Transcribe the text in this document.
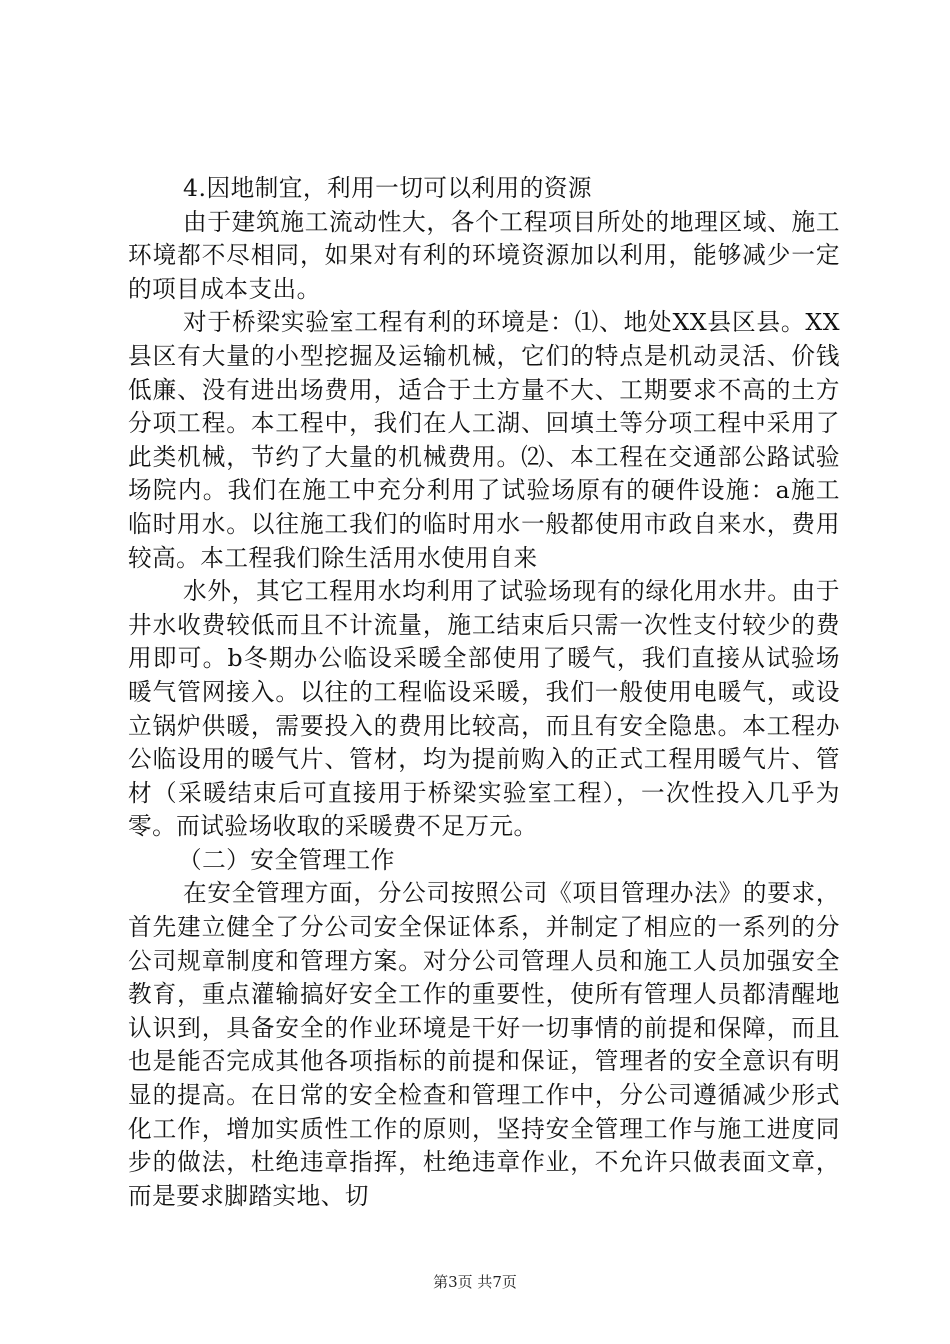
4.因地制宜，利用一切可以利用的资源

由于建筑施工流动性大，各个工程项目所处的地理区域、施工环境都不尽相同，如果对有利的环境资源加以利用，能够减少一定的项目成本支出。

对于桥梁实验室工程有利的环境是：⑴、地处XX县区县。XX县区有大量的小型挖掘及运输机械，它们的特点是机动灵活、价钱低廉、没有进出场费用，适合于土方量不大、工期要求不高的土方分项工程。本工程中，我们在人工湖、回填土等分项工程中采用了此类机械，节约了大量的机械费用。⑵、本工程在交通部公路试验场院内。我们在施工中充分利用了试验场原有的硬件设施：a施工临时用水。以往施工我们的临时用水一般都使用市政自来水，费用较高。本工程我们除生活用水使用自来

水外，其它工程用水均利用了试验场现有的绿化用水井。由于井水收费较低而且不计流量，施工结束后只需一次性支付较少的费用即可。b冬期办公临设采暖全部使用了暖气，我们直接从试验场暖气管网接入。以往的工程临设采暖，我们一般使用电暖气，或设立锅炉供暖，需要投入的费用比较高，而且有安全隐患。本工程办公临设用的暖气片、管材，均为提前购入的正式工程用暖气片、管材（采暖结束后可直接用于桥梁实验室工程），一次性投入几乎为零。而试验场收取的采暖费不足万元。

（二）安全管理工作

在安全管理方面，分公司按照公司《项目管理办法》的要求，首先建立健全了分公司安全保证体系，并制定了相应的一系列的分公司规章制度和管理方案。对分公司管理人员和施工人员加强安全教育，重点灌输搞好安全工作的重要性，使所有管理人员都清醒地认识到，具备安全的作业环境是干好一切事情的前提和保障，而且也是能否完成其他各项指标的前提和保证，管理者的安全意识有明显的提高。在日常的安全检查和管理工作中，分公司遵循减少形式化工作，增加实质性工作的原则，坚持安全管理工作与施工进度同步的做法，杜绝违章指挥，杜绝违章作业，不允许只做表面文章，而是要求脚踏实地、切

第3页 共7页
